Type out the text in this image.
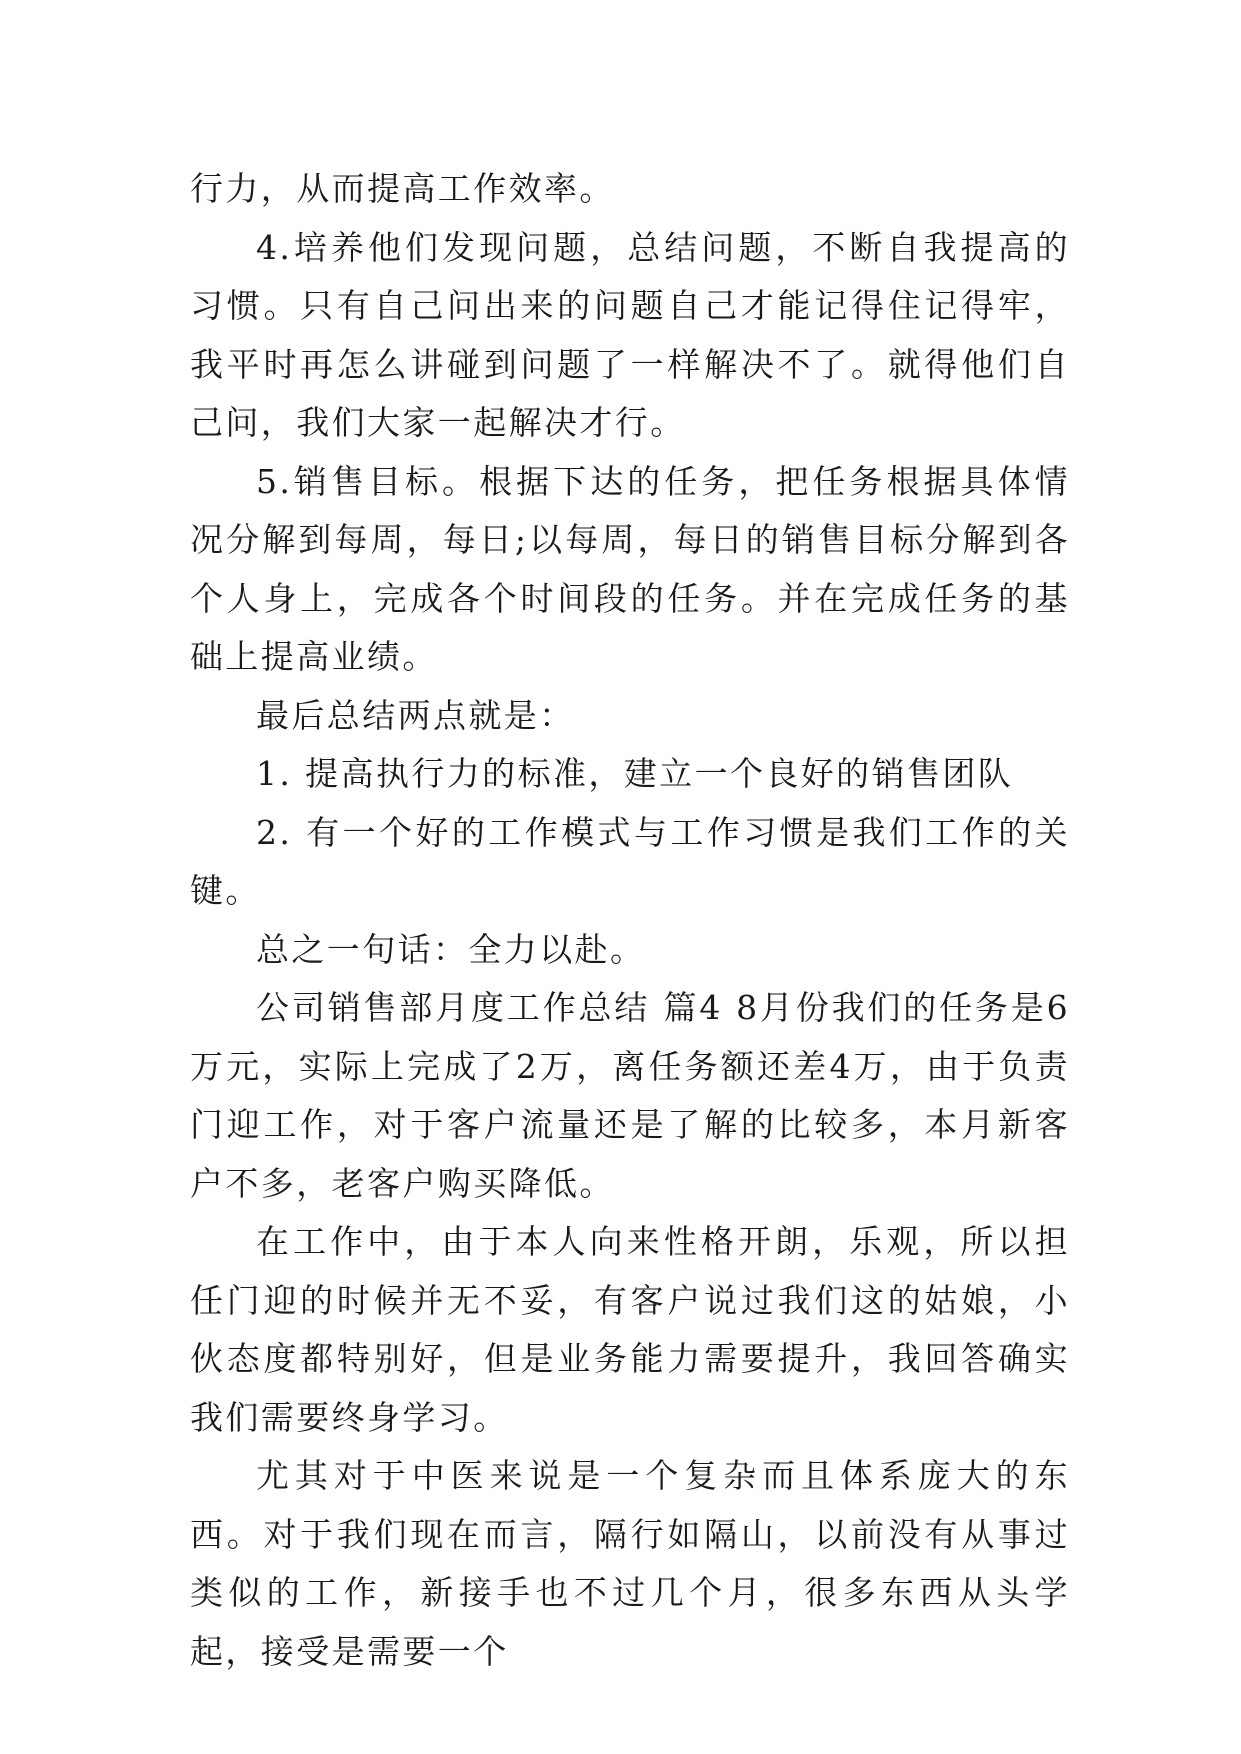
行力，从而提高工作效率。

4.培养他们发现问题，总结问题，不断自我提高的习惯。只有自己问出来的问题自己才能记得住记得牢，我平时再怎么讲碰到问题了一样解决不了。就得他们自己问，我们大家一起解决才行。

5.销售目标。根据下达的任务，把任务根据具体情况分解到每周，每日;以每周，每日的销售目标分解到各个人身上，完成各个时间段的任务。并在完成任务的基础上提高业绩。

最后总结两点就是：

1. 提高执行力的标准，建立一个良好的销售团队

2. 有一个好的工作模式与工作习惯是我们工作的关键。

总之一句话：全力以赴。

公司销售部月度工作总结 篇4 8月份我们的任务是6万元，实际上完成了2万，离任务额还差4万，由于负责门迎工作，对于客户流量还是了解的比较多，本月新客户不多，老客户购买降低。

在工作中，由于本人向来性格开朗，乐观，所以担任门迎的时候并无不妥，有客户说过我们这的姑娘，小伙态度都特别好，但是业务能力需要提升，我回答确实我们需要终身学习。

尤其对于中医来说是一个复杂而且体系庞大的东西。对于我们现在而言，隔行如隔山，以前没有从事过类似的工作，新接手也不过几个月，很多东西从头学起，接受是需要一个
